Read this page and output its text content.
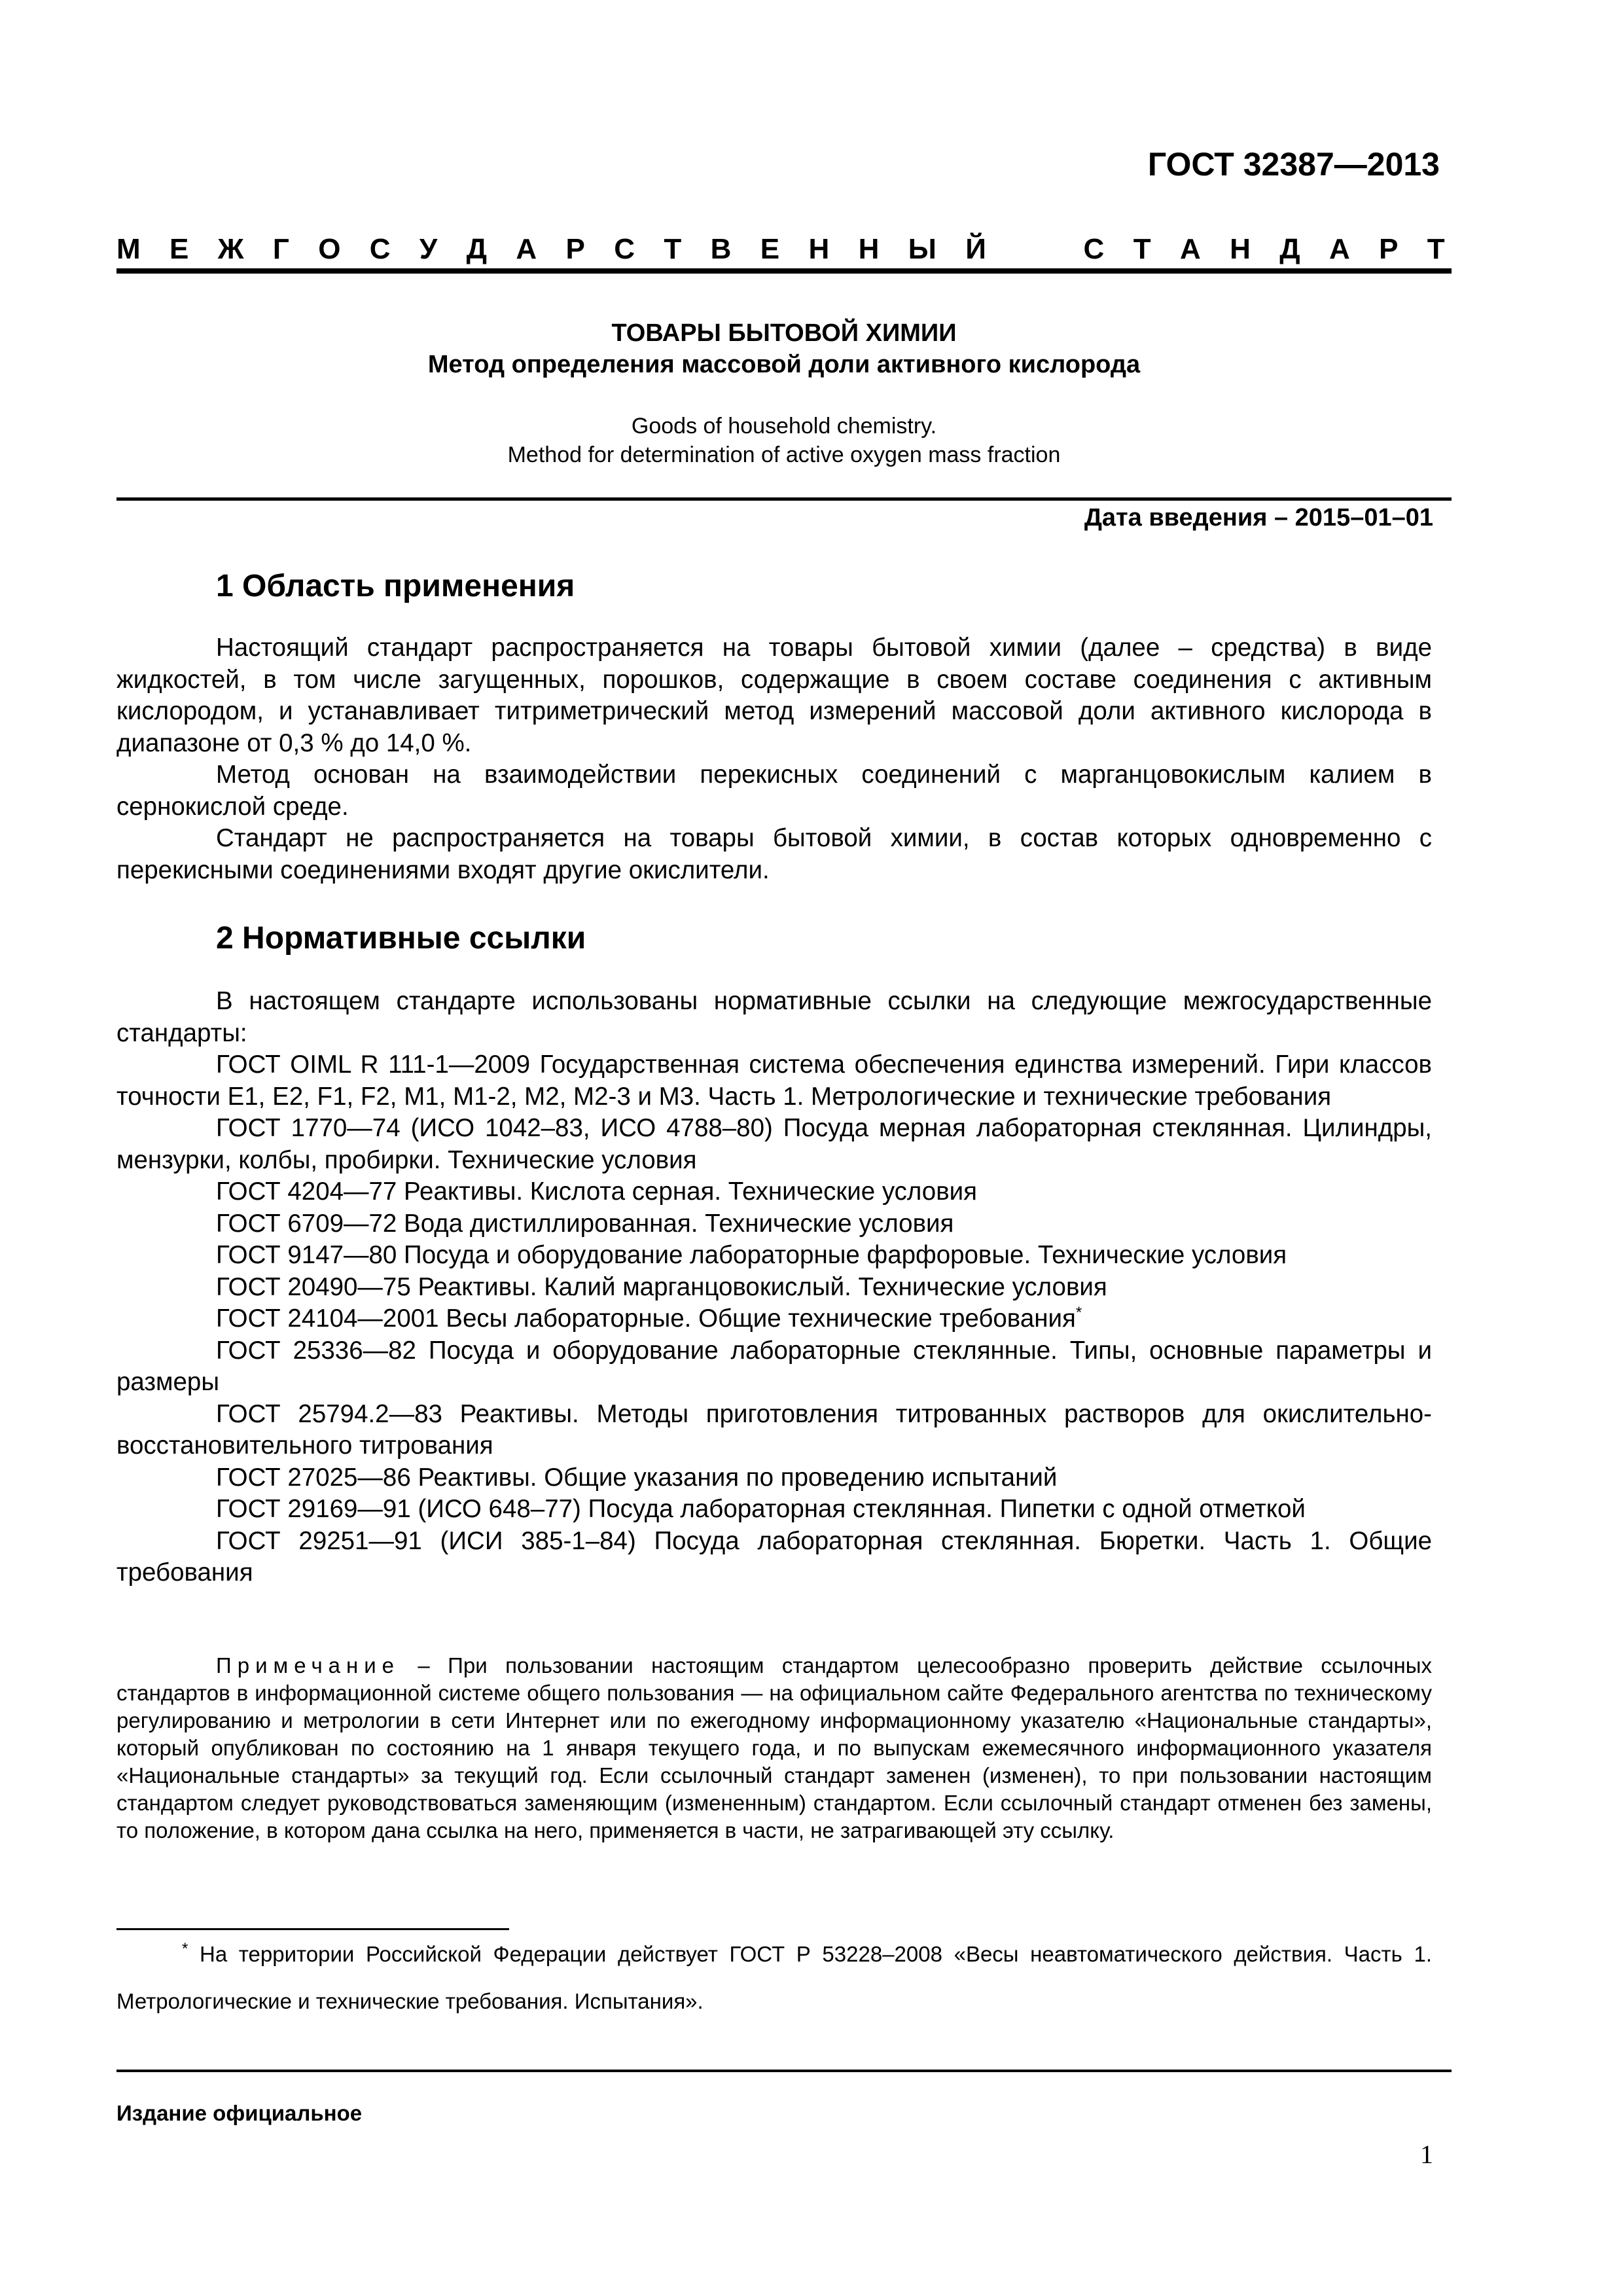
ГОСТ 32387—2013
М Е Ж Г О С У Д А Р С Т В Е Н Н Ы Й	С Т А Н Д А Р Т
ТОВАРЫ БЫТОВОЙ ХИМИИ
Метод определения массовой доли активного кислорода
Goods of household chemistry.
Method for determination of active oxygen mass fraction
Дата введения – 2015–01–01
1 Область применения

Настоящий стандарт распространяется на товары бытовой химии (далее – средства) в виде жидкостей, в том числе загущенных, порошков, содержащие в своем составе соединения с активным кислородом, и устанавливает титриметрический метод измерений массовой доли активного кислорода в диапазоне от 0,3 % до 14,0 %.

Метод основан на взаимодействии перекисных соединений с марганцовокислым калием в сернокислой среде.

Стандарт не распространяется на товары бытовой химии, в состав которых одновременно с перекисными соединениями входят другие окислители.

2 Нормативные ссылки

В настоящем стандарте использованы нормативные ссылки на следующие межгосударственные стандарты:

ГОСТ OIML R 111-1—2009 Государственная система обеспечения единства измерений. Гири классов точности Е1, Е2, F1, F2, М1, М1-2, М2, М2-3 и М3. Часть 1. Метрологические и технические требования

ГОСТ 1770—74 (ИСО 1042–83, ИСО 4788–80) Посуда мерная лабораторная стеклянная. Цилиндры, мензурки, колбы, пробирки. Технические условия

ГОСТ 4204—77 Реактивы. Кислота серная. Технические условия

ГОСТ 6709—72 Вода дистиллированная. Технические условия

ГОСТ 9147—80 Посуда и оборудование лабораторные фарфоровые. Технические условия

ГОСТ 20490—75 Реактивы. Калий марганцовокислый. Технические условия

ГОСТ 24104—2001 Весы лабораторные. Общие технические требования*

ГОСТ 25336—82 Посуда и оборудование лабораторные стеклянные. Типы, основные параметры и размеры

ГОСТ 25794.2—83 Реактивы. Методы приготовления титрованных растворов для окислительно-восстановительного титрования

ГОСТ 27025—86 Реактивы. Общие указания по проведению испытаний

ГОСТ 29169—91 (ИСО 648–77) Посуда лабораторная стеклянная. Пипетки с одной отметкой

ГОСТ 29251—91 (ИСИ 385-1–84) Посуда лабораторная стеклянная. Бюретки. Часть 1. Общие требования

Примечание – При пользовании настоящим стандартом целесообразно проверить действие ссылочных стандартов в информационной системе общего пользования — на официальном сайте Федерального агентства по техническому регулированию и метрологии в сети Интернет или по ежегодному информационному указателю «Национальные стандарты», который опубликован по состоянию на 1 января текущего года, и по выпускам ежемесячного информационного указателя «Национальные стандарты» за текущий год. Если ссылочный стандарт заменен (изменен), то при пользовании настоящим стандартом следует руководствоваться заменяющим (измененным) стандартом. Если ссылочный стандарт отменен без замены, то положение, в котором дана ссылка на него, применяется в части, не затрагивающей эту ссылку.

* На территории Российской Федерации действует ГОСТ Р 53228–2008 «Весы неавтоматического действия. Часть 1. Метрологические и технические требования. Испытания».

Издание официальное
1
